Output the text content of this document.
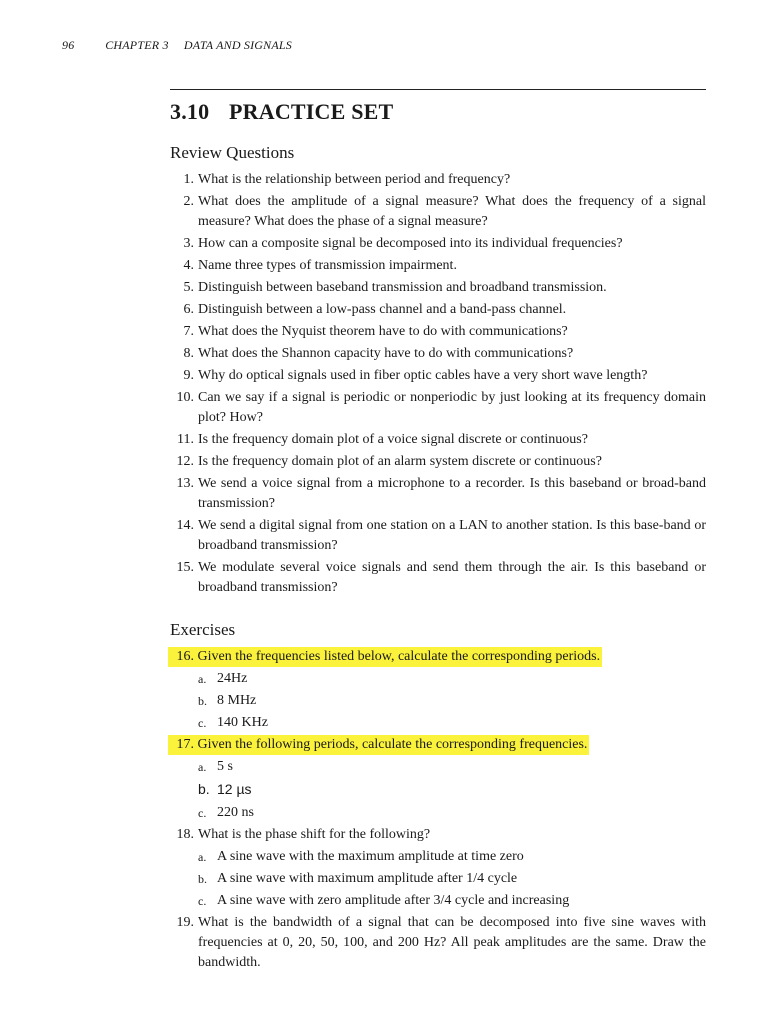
96	CHAPTER 3 DATA AND SIGNALS
3.10 PRACTICE SET
Review Questions
1. What is the relationship between period and frequency?
2. What does the amplitude of a signal measure? What does the frequency of a signal measure? What does the phase of a signal measure?
3. How can a composite signal be decomposed into its individual frequencies?
4. Name three types of transmission impairment.
5. Distinguish between baseband transmission and broadband transmission.
6. Distinguish between a low-pass channel and a band-pass channel.
7. What does the Nyquist theorem have to do with communications?
8. What does the Shannon capacity have to do with communications?
9. Why do optical signals used in fiber optic cables have a very short wave length?
10. Can we say if a signal is periodic or nonperiodic by just looking at its frequency domain plot? How?
11. Is the frequency domain plot of a voice signal discrete or continuous?
12. Is the frequency domain plot of an alarm system discrete or continuous?
13. We send a voice signal from a microphone to a recorder. Is this baseband or broad-band transmission?
14. We send a digital signal from one station on a LAN to another station. Is this base-band or broadband transmission?
15. We modulate several voice signals and send them through the air. Is this baseband or broadband transmission?
Exercises
16. Given the frequencies listed below, calculate the corresponding periods.
a. 24Hz
b. 8 MHz
c. 140 KHz
17. Given the following periods, calculate the corresponding frequencies.
a. 5 s
b. 12 µs
c. 220 ns
18. What is the phase shift for the following?
a. A sine wave with the maximum amplitude at time zero
b. A sine wave with maximum amplitude after 1/4 cycle
c. A sine wave with zero amplitude after 3/4 cycle and increasing
19. What is the bandwidth of a signal that can be decomposed into five sine waves with frequencies at 0, 20, 50, 100, and 200 Hz? All peak amplitudes are the same. Draw the bandwidth.
